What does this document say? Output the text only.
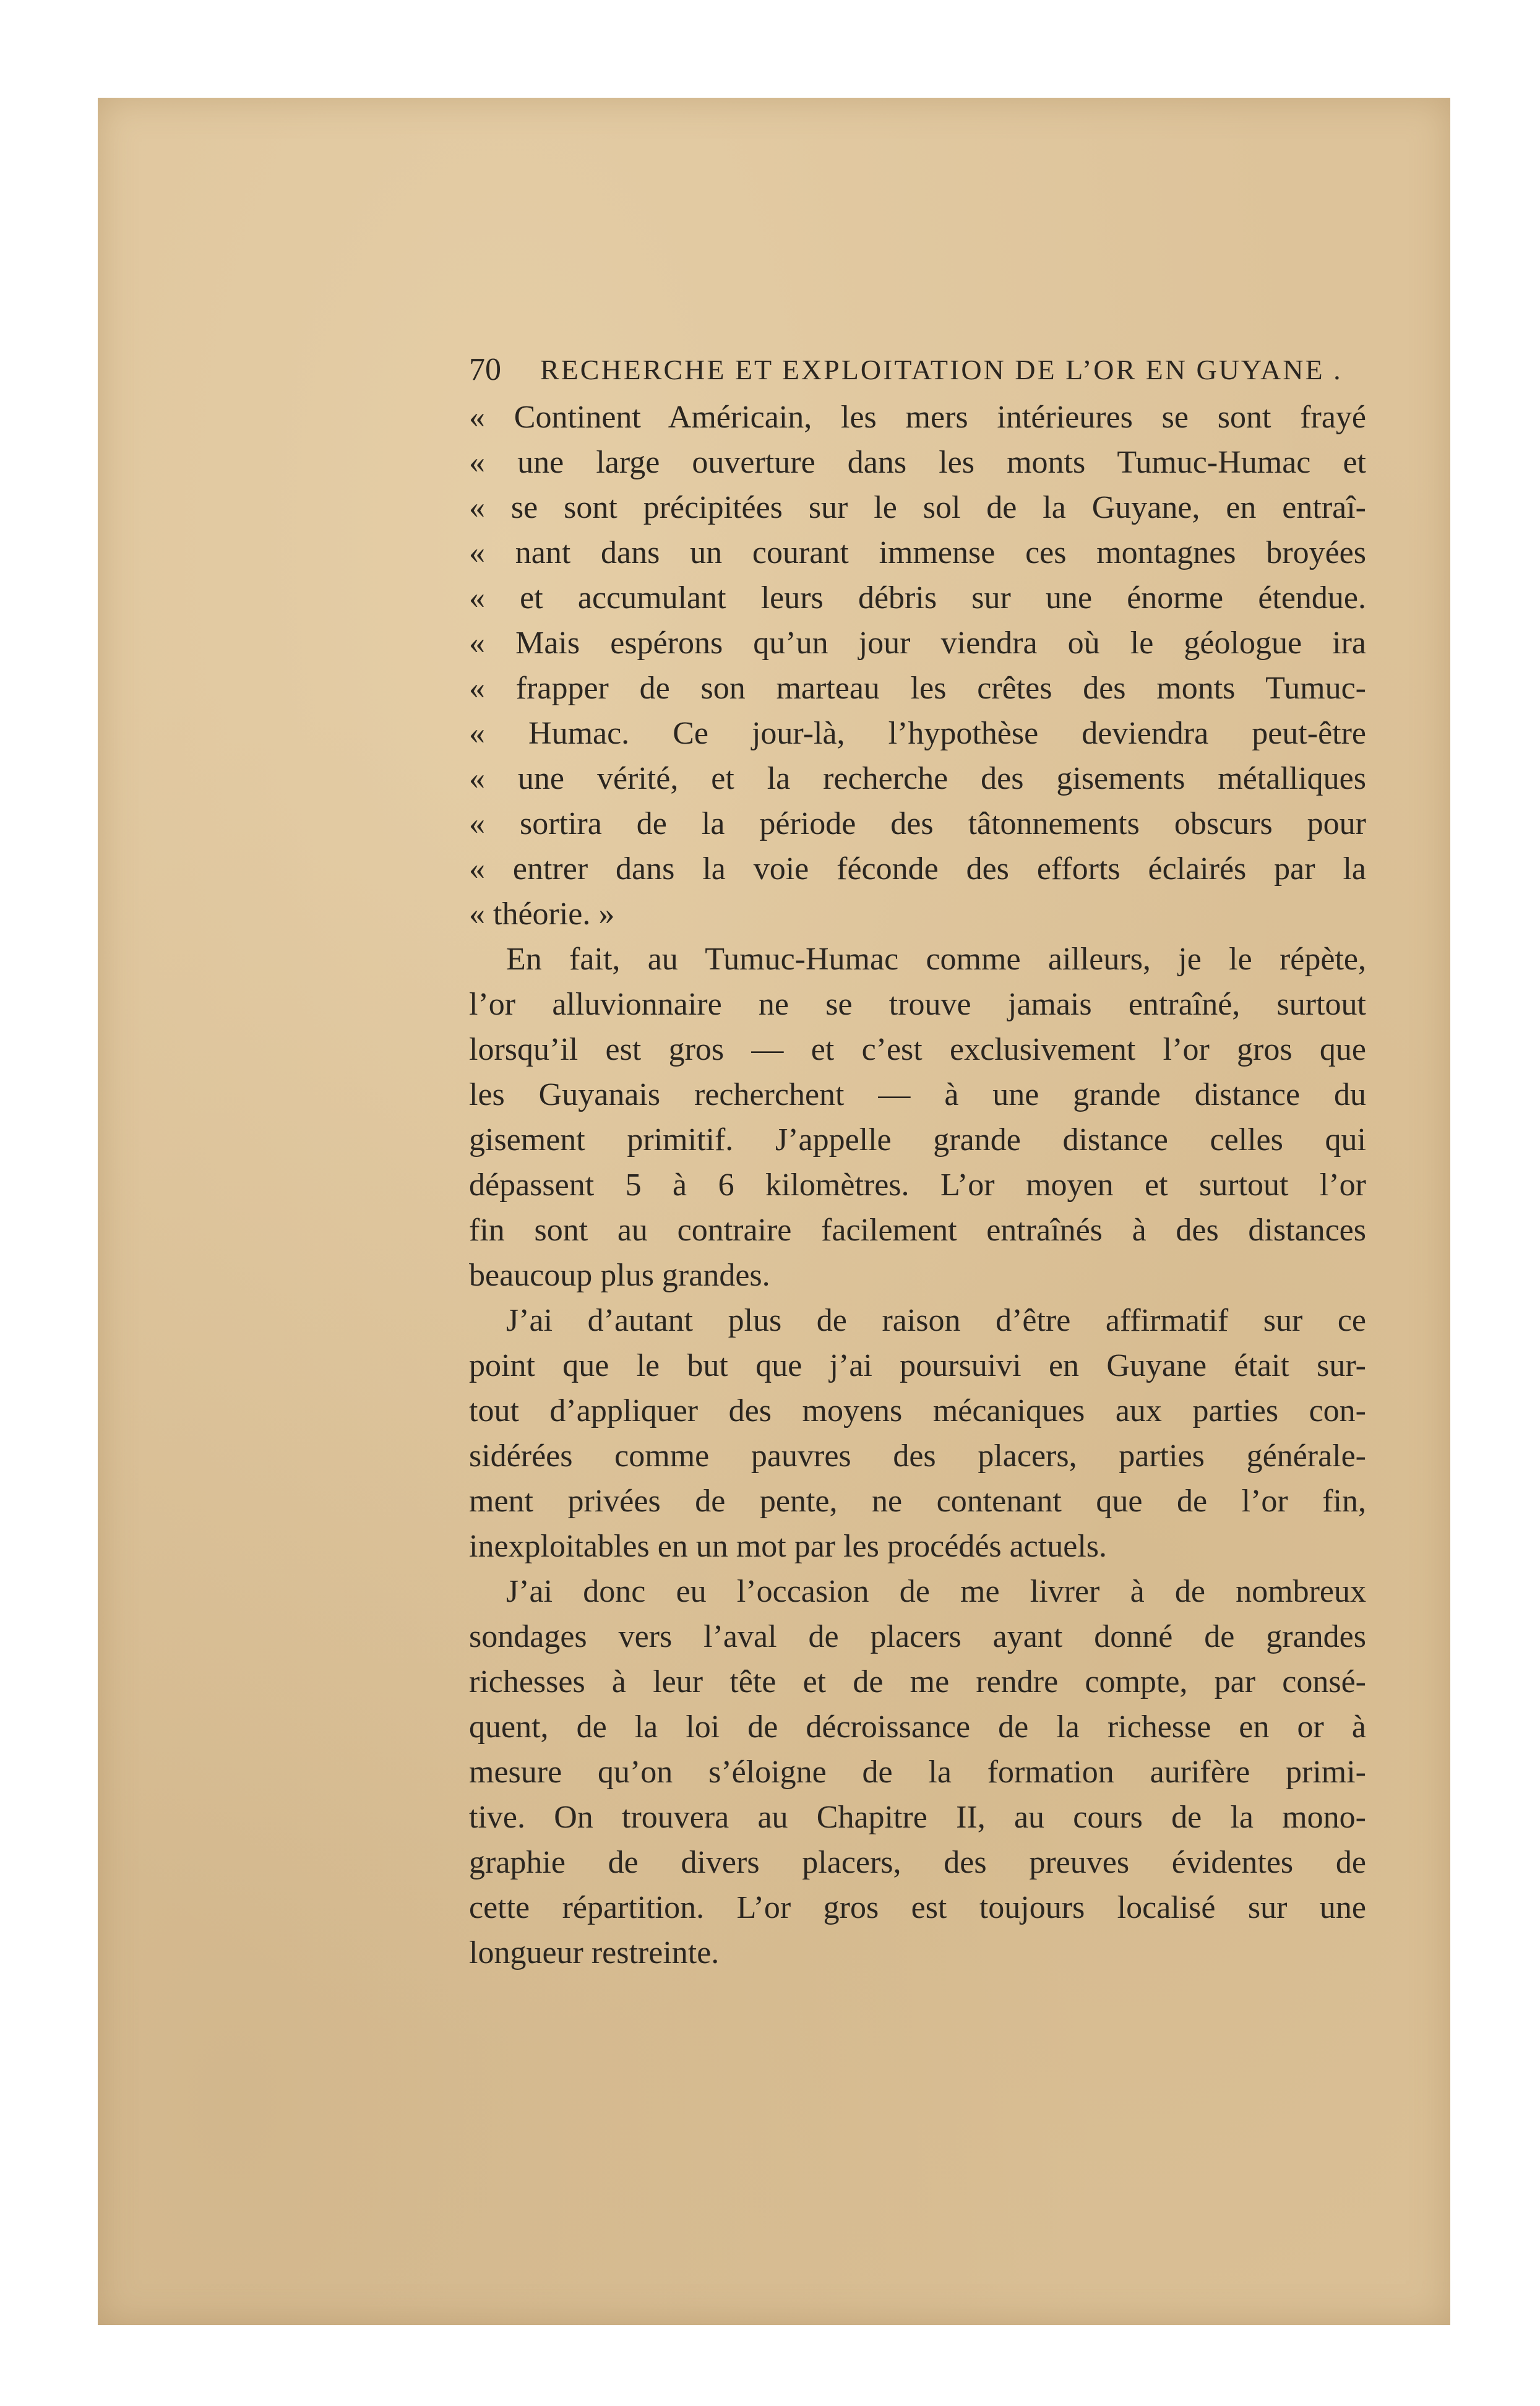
70 RECHERCHE ET EXPLOITATION DE L’OR EN GUYANE .
« Continent Américain, les mers intérieures se sont frayé
« une large ouverture dans les monts Tumuc-Humac et
« se sont précipitées sur le sol de la Guyane, en entraî-
« nant dans un courant immense ces montagnes broyées
« et accumulant leurs débris sur une énorme étendue.
« Mais espérons qu’un jour viendra où le géologue ira
« frapper de son marteau les crêtes des monts Tumuc-
« Humac. Ce jour-là, l’hypothèse deviendra peut-être
« une vérité, et la recherche des gisements métalliques
« sortira de la période des tâtonnements obscurs pour
« entrer dans la voie féconde des efforts éclairés par la
« théorie. »
En fait, au Tumuc-Humac comme ailleurs, je le répète,
l’or alluvionnaire ne se trouve jamais entraîné, surtout
lorsqu’il est gros — et c’est exclusivement l’or gros que
les Guyanais recherchent — à une grande distance du
gisement primitif. J’appelle grande distance celles qui
dépassent 5 à 6 kilomètres. L’or moyen et surtout l’or
fin sont au contraire facilement entraînés à des distances
beaucoup plus grandes.
J’ai d’autant plus de raison d’être affirmatif sur ce
point que le but que j’ai poursuivi en Guyane était sur-
tout d’appliquer des moyens mécaniques aux parties con-
sidérées comme pauvres des placers, parties générale-
ment privées de pente, ne contenant que de l’or fin,
inexploitables en un mot par les procédés actuels.
J’ai donc eu l’occasion de me livrer à de nombreux
sondages vers l’aval de placers ayant donné de grandes
richesses à leur tête et de me rendre compte, par consé-
quent, de la loi de décroissance de la richesse en or à
mesure qu’on s’éloigne de la formation aurifère primi-
tive. On trouvera au Chapitre II, au cours de la mono-
graphie de divers placers, des preuves évidentes de
cette répartition. L’or gros est toujours localisé sur une
longueur restreinte.
